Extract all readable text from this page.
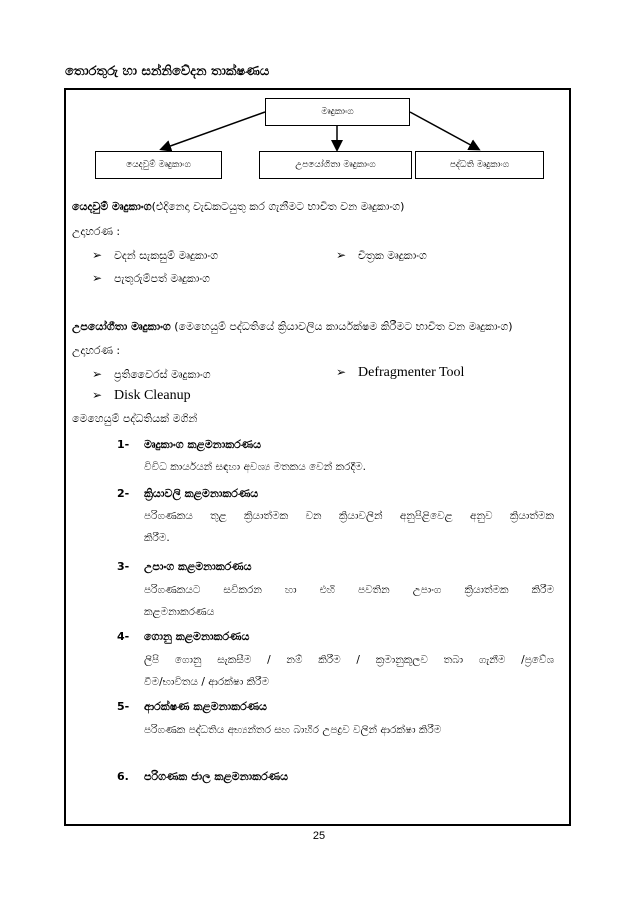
තොරතුරු හා සන්නිවේදන තාක්ෂණය
මෘදුකාංග
යෙදවුම් මෘදුකාංග	උපයෝගිතා මෘදුකාංග	පද්ධති මෘදුකාංග
යෙදවුම් මෘදුකාංග(එදිනෙදා වැඩකටයුතු කර ගැනීමට භාවිත වන මෘදුකාංග)
උදාහරණ :
➢ වදන් සැකසුම් මෘදුකාංග	➢ චිත්‍රක මෘදුකාංග
➢ පැතුරුම්පත් මෘදුකාංග
උපයෝගීතා මෘදුකාංග (මෙහෙයුම් පද්ධතියේ ක්‍රියාවලිය කාර්යක්ෂම කිරීමට භාවිත වන මෘදුකාංග)
උදාහරණ :
➢ ප්‍රතිවෛරස් මෘදුකාංග	➢ Defragmenter Tool
➢ Disk Cleanup
මෙහෙයුම් පද්ධතියක් මගින්
1- මෘදුකාංග කළමනාකරණය
විවිධ කාර්යයන් සඳහා අවශ්‍ය මතකය වෙන් කරදීම.
2- ක්‍රියාවලි කළමනාකරණය
පරිගණකය තුළ ක්‍රියාත්මක වන ක්‍රියාවලින් අනුපිළිවෙළ අනුව ක්‍රියාත්මක
කිරීම.
3- උපාංග කළමනාකරණය
පරිගණකයට සවිකරන හා එහි පවතින උපාංග ක්‍රියාත්මක කිරීම
කළමනාකරණය
4- ගොනු කළමනාකරණය
ලිපි ගොනු සැකසීම / නම් කිරීම / ක්‍රමානුකූලව තබා ගැනීම /ප්‍රවේශ
වීම/භාවිතය / ආරක්ෂා කිරීම
5- ආරක්ෂණ කළමනාකරණය
පරිගණක පද්ධතිය අභ්‍යන්තර සහ බාහිර උපද්‍රව වලින් ආරක්ෂා කිරීම
6. පරිගණක ජාල කළමනාකරණය
25
